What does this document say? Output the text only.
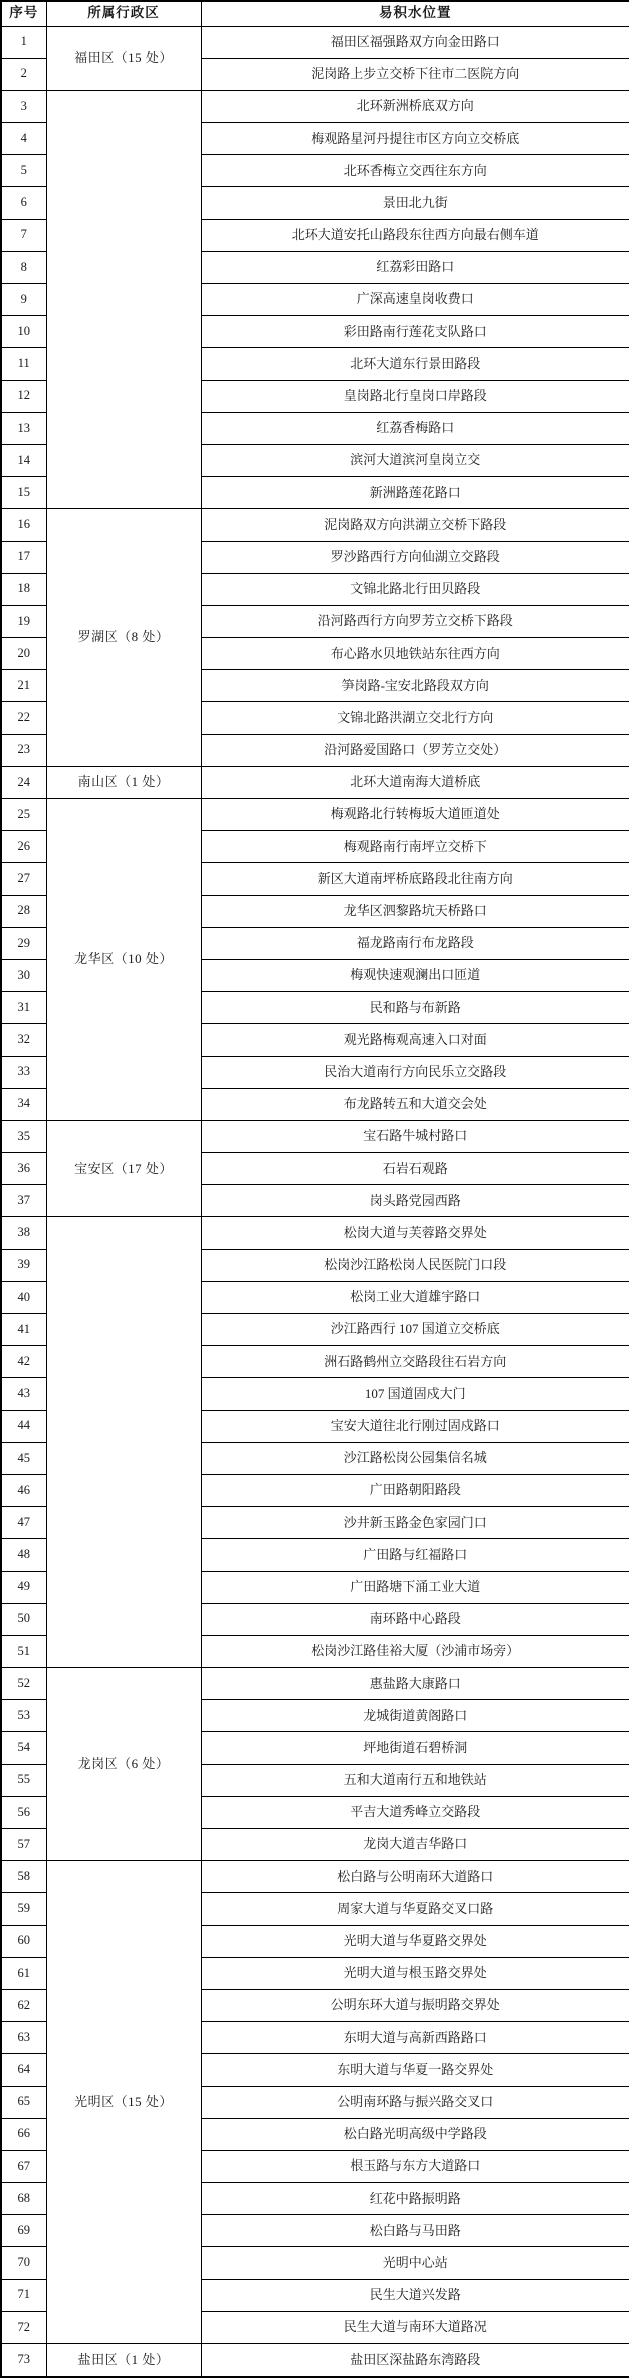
序号	所属行政区	易积水位置
1	福田区（15 处）	福田区福强路双方向金田路口
2		泥岗路上步立交桥下往市二医院方向
3		北环新洲桥底双方向
4		梅观路星河丹提往市区方向立交桥底
5		北环香梅立交西往东方向
6		景田北九街
7		北环大道安托山路段东往西方向最右侧车道
8		红荔彩田路口
9		广深高速皇岗收费口
10		彩田路南行莲花支队路口
11		北环大道东行景田路段
12		皇岗路北行皇岗口岸路段
13		红荔香梅路口
14		滨河大道滨河皇岗立交
15		新洲路莲花路口
16	罗湖区（8 处）	泥岗路双方向洪湖立交桥下路段
17		罗沙路西行方向仙湖立交路段
18		文锦北路北行田贝路段
19		沿河路西行方向罗芳立交桥下路段
20		布心路水贝地铁站东往西方向
21		笋岗路-宝安北路段双方向
22		文锦北路洪湖立交北行方向
23		沿河路爱国路口（罗芳立交处）
24	南山区（1 处）	北环大道南海大道桥底
25	龙华区（10 处）	梅观路北行转梅坂大道匝道处
26		梅观路南行南坪立交桥下
27		新区大道南坪桥底路段北往南方向
28		龙华区泗黎路坑天桥路口
29		福龙路南行布龙路段
30		梅观快速观澜出口匝道
31		民和路与布新路
32		观光路梅观高速入口对面
33		民治大道南行方向民乐立交路段
34		布龙路转五和大道交会处
35	宝安区（17 处）	宝石路牛城村路口
36		石岩石观路
37		岗头路党园西路
38		松岗大道与芙蓉路交界处
39		松岗沙江路松岗人民医院门口段
40		松岗工业大道雄宇路口
41		沙江路西行 107 国道立交桥底
42		洲石路鹤州立交路段往石岩方向
43		107 国道固戍大门
44		宝安大道往北行刚过固戍路口
45		沙江路松岗公园集信名城
46		广田路朝阳路段
47		沙井新玉路金色家园门口
48		广田路与红福路口
49		广田路塘下涌工业大道
50		南环路中心路段
51		松岗沙江路佳裕大厦（沙浦市场旁）
52	龙岗区（6 处）	惠盐路大康路口
53		龙城街道黄阁路口
54		坪地街道石碧桥洞
55		五和大道南行五和地铁站
56		平吉大道秀峰立交路段
57		龙岗大道吉华路口
58	光明区（15 处）	松白路与公明南环大道路口
59		周家大道与华夏路交叉口路
60		光明大道与华夏路交界处
61		光明大道与根玉路交界处
62		公明东环大道与振明路交界处
63		东明大道与高新西路路口
64		东明大道与华夏一路交界处
65		公明南环路与振兴路交叉口
66		松白路光明高级中学路段
67		根玉路与东方大道路口
68		红花中路振明路
69		松白路与马田路
70		光明中心站
71		民生大道兴发路
72		民生大道与南环大道路况
73	盐田区（1 处）	盐田区深盐路东湾路段
